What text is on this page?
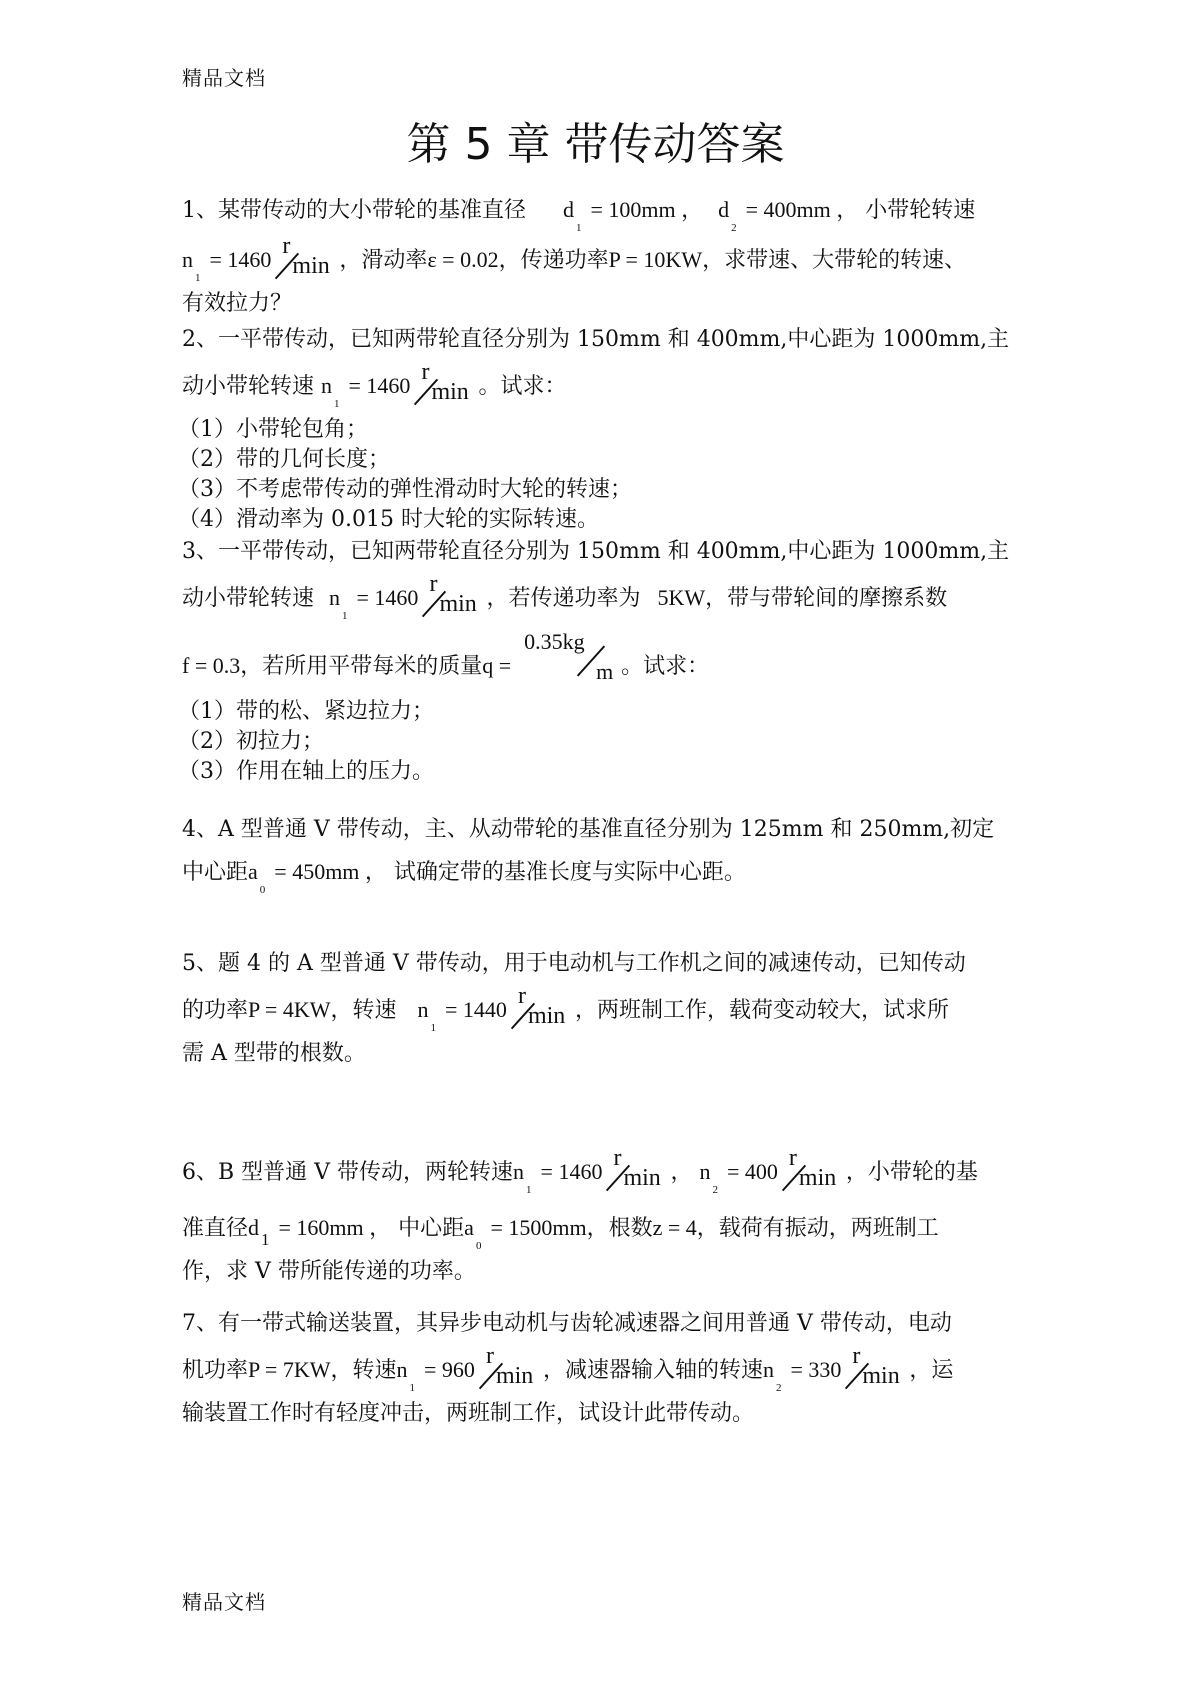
精品文档
第 5 章 带传动答案
1、某带传动的大小带轮的基准直径 $d_1 = 100mm$ ， $d_2 = 400mm$ ， 小带轮转速
$n_1 = 1460$
r
min ，滑动率ε = 0.02，传递功率P = 10KW，求带速、大带轮的转速、
有效拉力？
2、一平带传动，已知两带轮直径分别为 150mm 和 400mm,中心距为 1000mm,主
动小带轮转速 $n_1 = 1460$
r
min 。试求：
（1）小带轮包角；
（2）带的几何长度；
（3）不考虑带传动的弹性滑动时大轮的转速；
（4）滑动率为 0.015 时大轮的实际转速。
3、一平带传动，已知两带轮直径分别为 150mm 和 400mm,中心距为 1000mm,主
动小带轮转速 $n_1 = 1460$
r
min ，若传递功率为 5KW，带与带轮间的摩擦系数
f = 0.3，若所用平带每米的质量q =
0.35kg
m 。试求：
（1）带的松、紧边拉力；
（2）初拉力；
（3）作用在轴上的压力。
4、A 型普通 V 带传动，主、从动带轮的基准直径分别为 125mm 和 250mm,初定
中心距$a_0 = 450mm$ ， 试确定带的基准长度与实际中心距。
5、题 4 的 A 型普通 V 带传动，用于电动机与工作机之间的减速传动，已知传动
的功率P = 4KW，转速 $n_1 = 1440$
r
min ，两班制工作，载荷变动较大，试求所
需 A 型带的根数。
6、B 型普通 V 带传动，两轮转速$n_1 = 1460$
r
min ， $n_2 = 400$
r
min ，小带轮的基
准直径d $_1$ = 160mm ， 中心距$a_0 = 1500mm$，根数z = 4，载荷有振动，两班制工
作，求 V 带所能传递的功率。
7、有一带式输送装置，其异步电动机与齿轮减速器之间用普通 V 带传动，电动
机功率P = 7KW，转速$n_1 = 960$
r
min ，减速器输入轴的转速$n_2 = 330$
r
min ，运
输装置工作时有轻度冲击，两班制工作，试设计此带传动。
精品文档
